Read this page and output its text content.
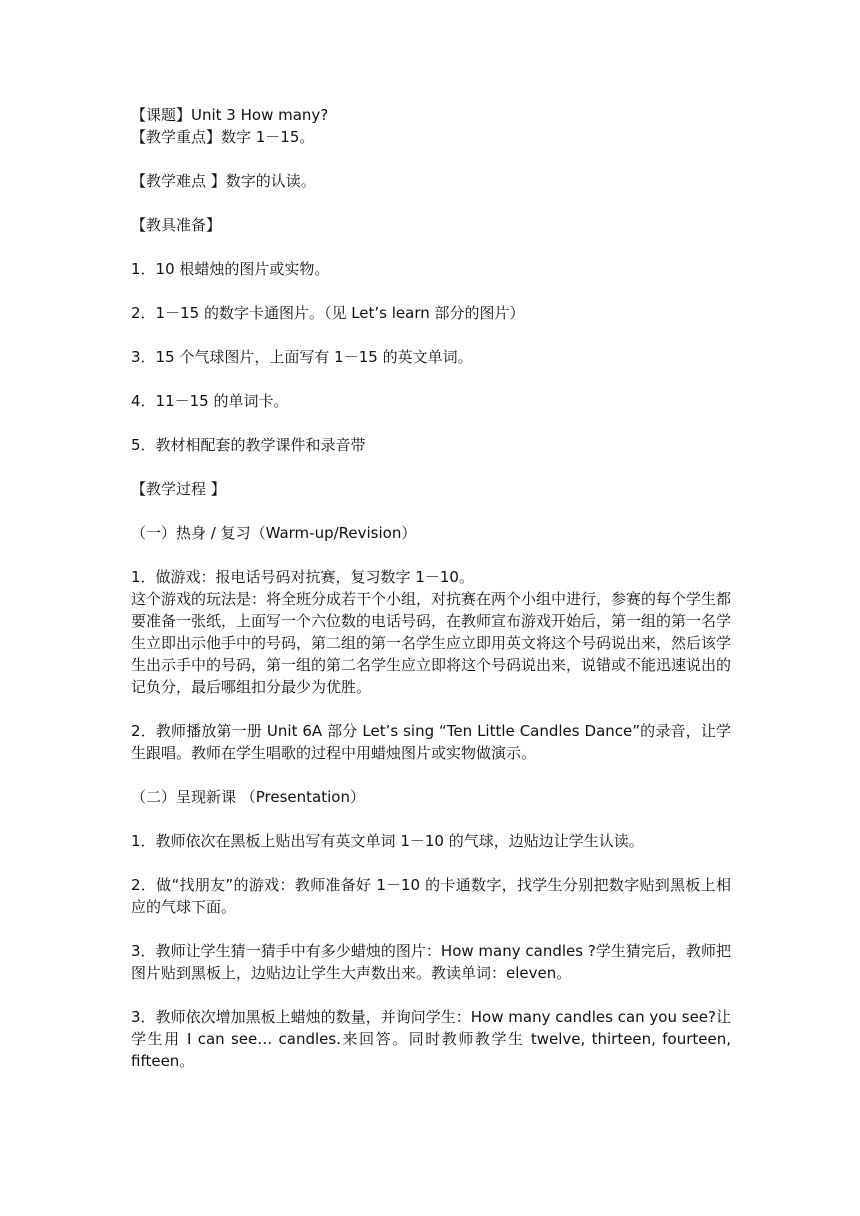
【课题】Unit 3 How many?

【教学重点】数字 1－15。

【教学难点 】数字的认读。

【教具准备】

1．10 根蜡烛的图片或实物。

2．1－15 的数字卡通图片。（见 Let’s learn 部分的图片）

3．15 个气球图片，上面写有 1－15 的英文单词。

4．11－15 的单词卡。

5．教材相配套的教学课件和录音带

【教学过程 】

（一）热身 / 复习（Warm-up/Revision）

1．做游戏：报电话号码对抗赛，复习数字 1－10。

这个游戏的玩法是：将全班分成若干个小组，对抗赛在两个小组中进行，参赛的每个学生都要准备一张纸，上面写一个六位数的电话号码，在教师宣布游戏开始后，第一组的第一名学生立即出示他手中的号码，第二组的第一名学生应立即用英文将这个号码说出来，然后该学生出示手中的号码，第一组的第二名学生应立即将这个号码说出来，说错或不能迅速说出的记负分，最后哪组扣分最少为优胜。

2．教师播放第一册 Unit 6A 部分 Let’s sing “Ten Little Candles Dance”的录音，让学生跟唱。教师在学生唱歌的过程中用蜡烛图片或实物做演示。

（二）呈现新课 （Presentation）

1．教师依次在黑板上贴出写有英文单词 1－10 的气球，边贴边让学生认读。

2．做“找朋友”的游戏：教师准备好 1－10 的卡通数字，找学生分别把数字贴到黑板上相应的气球下面。

3．教师让学生猜一猜手中有多少蜡烛的图片：How many candles ?学生猜完后，教师把图片贴到黑板上，边贴边让学生大声数出来。教读单词：eleven。

3．教师依次增加黑板上蜡烛的数量，并询问学生：How many candles can you see?让学生用 I can see… candles.来回答。同时教师教学生 twelve, thirteen, fourteen, fifteen。
